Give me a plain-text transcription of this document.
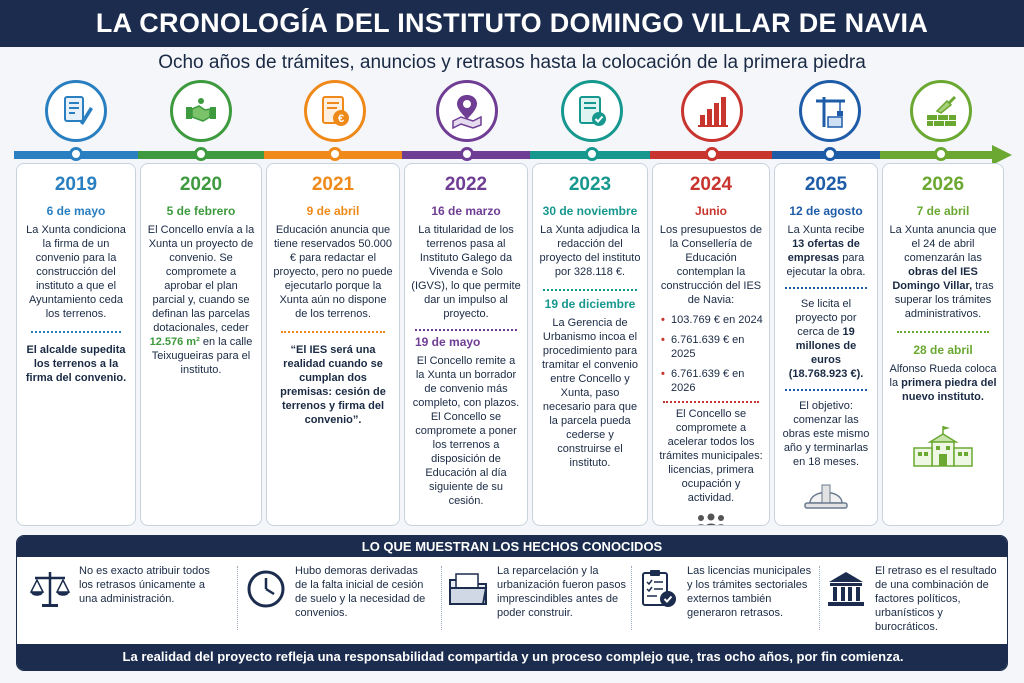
LA CRONOLOGÍA DEL INSTITUTO DOMINGO VILLAR DE NAVIA
Ocho años de trámites, anuncios y retrasos hasta la colocación de la primera piedra
€
2019
6 de mayo
La Xunta condiciona la firma de un convenio para la construcción del instituto a que el Ayuntamiento ceda los terrenos.
El alcalde supedita los terrenos a la firma del convenio.
2020
5 de febrero
El Concello envía a la Xunta un proyecto de convenio. Se compromete a aprobar el plan parcial y, cuando se definan las parcelas dotacionales, ceder 12.576 m² en la calle Teixugueiras para el instituto.
2021
9 de abril
Educación anuncia que tiene reservados 50.000 € para redactar el proyecto, pero no puede ejecutarlo porque la Xunta aún no dispone de los terrenos.
“El IES será una realidad cuando se cumplan dos premisas: cesión de terrenos y firma del convenio”.
2022
16 de marzo
La titularidad de los terrenos pasa al Instituto Galego da Vivenda e Solo (IGVS), lo que permite dar un impulso al proyecto.
19 de mayo
El Concello remite a la Xunta un borrador de convenio más completo, con plazos. El Concello se compromete a poner los terrenos a disposición de Educación al día siguiente de su cesión.
2023
30 de noviembre
La Xunta adjudica la redacción del proyecto del instituto por 328.118 €.
19 de diciembre
La Gerencia de Urbanismo incoa el procedimiento para tramitar el convenio entre Concello y Xunta, paso necesario para que la parcela pueda cederse y construirse el instituto.
2024
Junio
Los presupuestos de la Consellería de Educación contemplan la construcción del IES de Navia:
• 103.769 € en 2024
• 6.761.639 € en 2025
• 6.761.639 € en 2026
El Concello se compromete a acelerar todos los trámites municipales: licencias, primera ocupación y actividad.
2025
12 de agosto
La Xunta recibe 13 ofertas de empresas para ejecutar la obra.
Se licita el proyecto por cerca de 19 millones de euros (18.768.923 €).
El objetivo: comenzar las obras este mismo año y terminarlas en 18 meses.
2026
7 de abril
La Xunta anuncia que el 24 de abril comenzarán las obras del IES Domingo Villar, tras superar los trámites administrativos.
28 de abril
Alfonso Rueda coloca la primera piedra del nuevo instituto.
LO QUE MUESTRAN LOS HECHOS CONOCIDOS
No es exacto atribuir todos los retrasos únicamente a una administración.
Hubo demoras derivadas de la falta inicial de cesión de suelo y la necesidad de convenios.
La reparcelación y la urbanización fueron pasos imprescindibles antes de poder construir.
Las licencias municipales y los trámites sectoriales externos también generaron retrasos.
El retraso es el resultado de una combinación de factores políticos, urbanísticos y burocráticos.
La realidad del proyecto refleja una responsabilidad compartida y un proceso complejo que, tras ocho años, por fin comienza.
